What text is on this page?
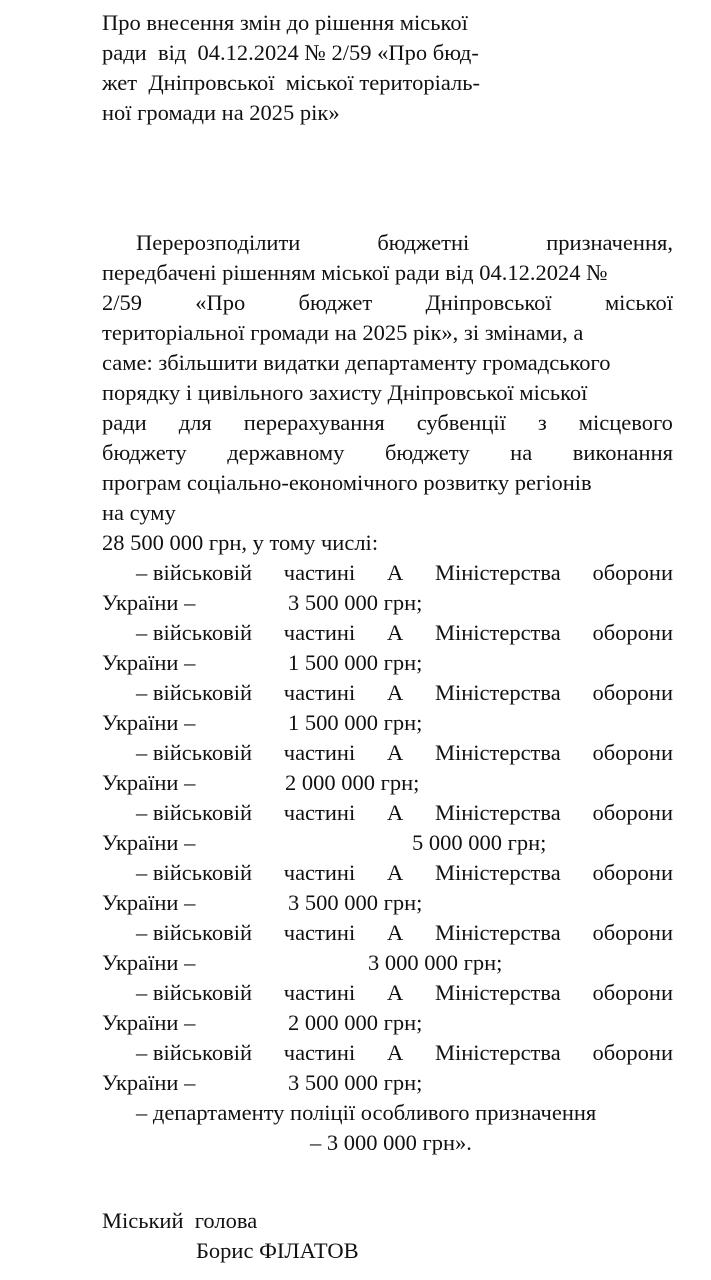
Про внесення змін до рішення міської
ради  від  04.12.2024 № 2/59 «Про бюд-
жет  Дніпровської  міської територіаль-
ної громади на 2025 рік»
Перерозподілити	бюджетні	призначення,
передбачені рішенням міської ради від 04.12.2024 №
2/59 «Про бюджет Дніпровської міської
територіальної громади на 2025 рік», зі змінами, а
саме: збільшити видатки департаменту громадського
порядку і цивільного захисту Дніпровської міської
ради для перерахування субвенції з місцевого
бюджету державному бюджету на виконання
програм соціально-економічного розвитку регіонів
на суму
28 500 000 грн, у тому числі:
– військовій частині А Міністерства оборони
України –	3 500 000 грн;
– військовій частині А Міністерства оборони
України –	1 500 000 грн;
– військовій частині А Міністерства оборони
України –	1 500 000 грн;
– військовій частині А Міністерства оборони
України –	2 000 000 грн;
– військовій частині А Міністерства оборони
України –	5 000 000 грн;
– військовій частині А Міністерства оборони
України –	3 500 000 грн;
– військовій частині А Міністерства оборони
України –	3 000 000 грн;
– військовій частині А Міністерства оборони
України –	2 000 000 грн;
– військовій частині А Міністерства оборони
України –	3 500 000 грн;
– департаменту поліції особливого призначення
– 3 000 000 грн».
Міський  голова
Борис ФІЛАТОВ
